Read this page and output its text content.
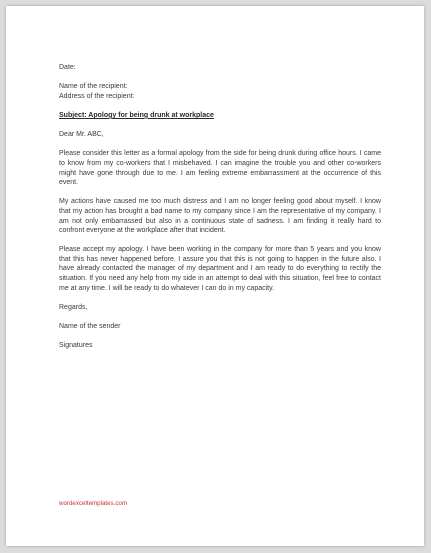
Date:

Name of the recipient:

Address of the recipient:

Subject: Apology for being drunk at workplace

Dear Mr. ABC,

Please consider this letter as a formal apology from the side for being drunk during office hours. I came to know from my co-workers that I misbehaved. I can imagine the trouble you and other co-workers might have gone through due to me. I am feeling extreme embarrassment at the occurrence of this event.

My actions have caused me too much distress and I am no longer feeling good about myself. I know that my action has brought a bad name to my company since I am the representative of my company. I am not only embarrassed but also in a continuous state of sadness. I am finding it really hard to confront everyone at the workplace after that incident.

Please accept my apology. I have been working in the company for more than 5 years and you know that this has never happened before. I assure you that this is not going to happen in the future also. I have already contacted the manager of my department and I am ready to do everything to rectify the situation. If you need any help from my side in an attempt to deal with this situation, feel free to contact me at any time. I will be ready to do whatever I can do in my capacity.

Regards,

Name of the sender

Signatures

wordexceltemplates.com
